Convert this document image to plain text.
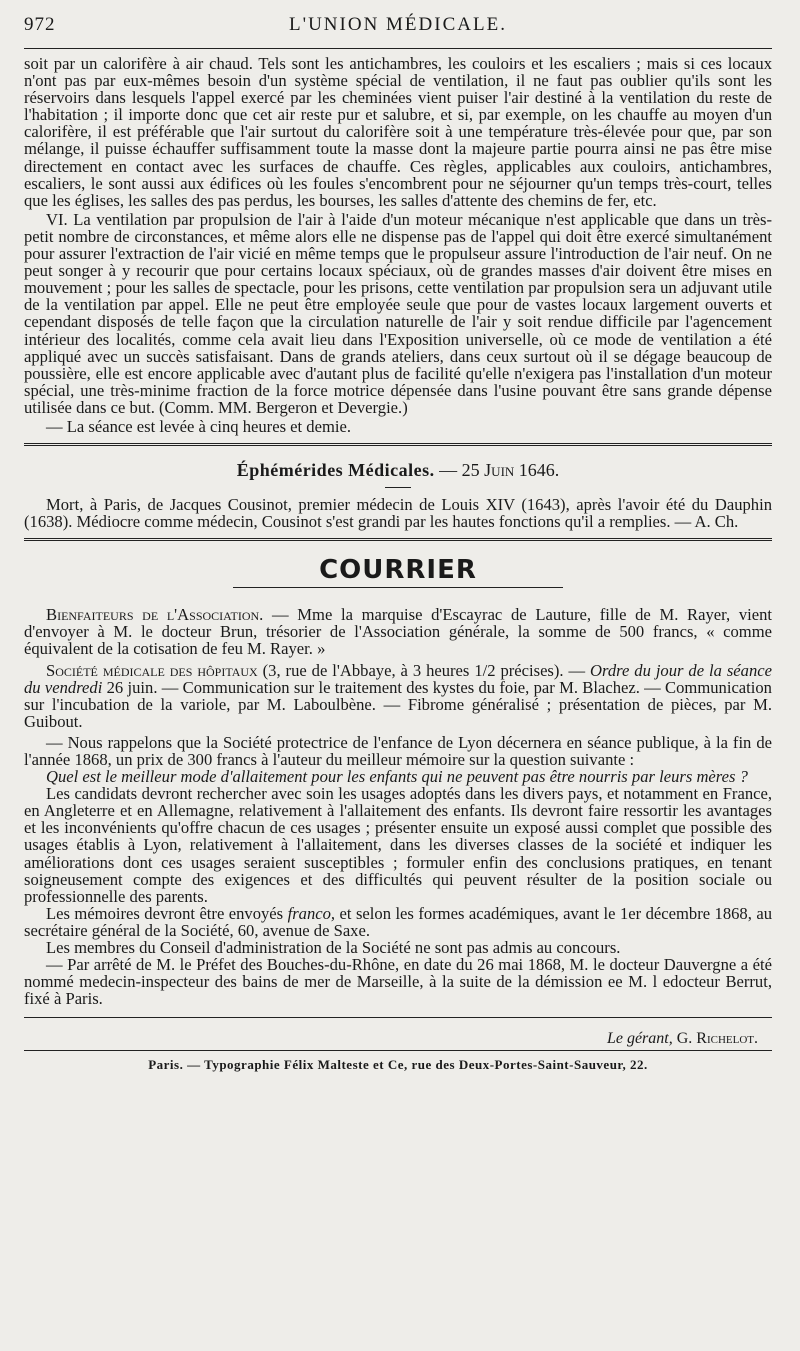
972	L'UNION MÉDICALE.

soit par un calorifère à air chaud. Tels sont les antichambres, les couloirs et les escaliers ; mais si ces locaux n'ont pas par eux-mêmes besoin d'un système spécial de ventilation, il ne faut pas oublier qu'ils sont les réservoirs dans lesquels l'appel exercé par les cheminées vient puiser l'air destiné à la ventilation du reste de l'habitation ; il importe donc que cet air reste pur et salubre, et si, par exemple, on les chauffe au moyen d'un calorifère, il est préférable que l'air surtout du calorifère soit à une température très-élevée pour que, par son mélange, il puisse échauffer suffisamment toute la masse dont la majeure partie pourra ainsi ne pas être mise directement en contact avec les surfaces de chauffe. Ces règles, applicables aux couloirs, antichambres, escaliers, le sont aussi aux édifices où les foules s'encombrent pour ne séjourner qu'un temps très-court, telles que les églises, les salles des pas perdus, les bourses, les salles d'attente des chemins de fer, etc.

VI. La ventilation par propulsion de l'air à l'aide d'un moteur mécanique n'est applicable que dans un très-petit nombre de circonstances, et même alors elle ne dispense pas de l'appel qui doit être exercé simultanément pour assurer l'extraction de l'air vicié en même temps que le propulseur assure l'introduction de l'air neuf. On ne peut songer à y recourir que pour certains locaux spéciaux, où de grandes masses d'air doivent être mises en mouvement ; pour les salles de spectacle, pour les prisons, cette ventilation par propulsion sera un adjuvant utile de la ventilation par appel. Elle ne peut être employée seule que pour de vastes locaux largement ouverts et cependant disposés de telle façon que la circulation naturelle de l'air y soit rendue difficile par l'agencement intérieur des localités, comme cela avait lieu dans l'Exposition universelle, où ce mode de ventilation a été appliqué avec un succès satisfaisant. Dans de grands ateliers, dans ceux surtout où il se dégage beaucoup de poussière, elle est encore applicable avec d'autant plus de facilité qu'elle n'exigera pas l'installation d'un moteur spécial, une très-minime fraction de la force motrice dépensée dans l'usine pouvant être sans grande dépense utilisée dans ce but. (Comm. MM. Bergeron et Devergie.)

— La séance est levée à cinq heures et demie.

Éphémérides Médicales. — 25 Juin 1646.

Mort, à Paris, de Jacques Cousinot, premier médecin de Louis XIV (1643), après l'avoir été du Dauphin (1638). Médiocre comme médecin, Cousinot s'est grandi par les hautes fonctions qu'il a remplies. — A. Ch.

COURRIER

Bienfaiteurs de l'Association. — Mme la marquise d'Escayrac de Lauture, fille de M. Rayer, vient d'envoyer à M. le docteur Brun, trésorier de l'Association générale, la somme de 500 francs, « comme équivalent de la cotisation de feu M. Rayer. »

Société médicale des hôpitaux (3, rue de l'Abbaye, à 3 heures 1/2 précises). — Ordre du jour de la séance du vendredi 26 juin. — Communication sur le traitement des kystes du foie, par M. Blachez. — Communication sur l'incubation de la variole, par M. Laboulbène. — Fibrome généralisé ; présentation de pièces, par M. Guibout.

— Nous rappelons que la Société protectrice de l'enfance de Lyon décernera en séance publique, à la fin de l'année 1868, un prix de 300 francs à l'auteur du meilleur mémoire sur la question suivante :

Quel est le meilleur mode d'allaitement pour les enfants qui ne peuvent pas être nourris par leurs mères ?

Les candidats devront rechercher avec soin les usages adoptés dans les divers pays, et notamment en France, en Angleterre et en Allemagne, relativement à l'allaitement des enfants. Ils devront faire ressortir les avantages et les inconvénients qu'offre chacun de ces usages ; présenter ensuite un exposé aussi complet que possible des usages établis à Lyon, relativement à l'allaitement, dans les diverses classes de la société et indiquer les améliorations dont ces usages seraient susceptibles ; formuler enfin des conclusions pratiques, en tenant soigneusement compte des exigences et des difficultés qui peuvent résulter de la position sociale ou professionnelle des parents.

Les mémoires devront être envoyés franco, et selon les formes académiques, avant le 1er décembre 1868, au secrétaire général de la Société, 60, avenue de Saxe.

Les membres du Conseil d'administration de la Société ne sont pas admis au concours.

— Par arrêté de M. le Préfet des Bouches-du-Rhône, en date du 26 mai 1868, M. le docteur Dauvergne a été nommé medecin-inspecteur des bains de mer de Marseille, à la suite de la démission ee M. l edocteur Berrut, fixé à Paris.

Le gérant, G. Richelot.
Paris. — Typographie Félix Malteste et Ce, rue des Deux-Portes-Saint-Sauveur, 22.
